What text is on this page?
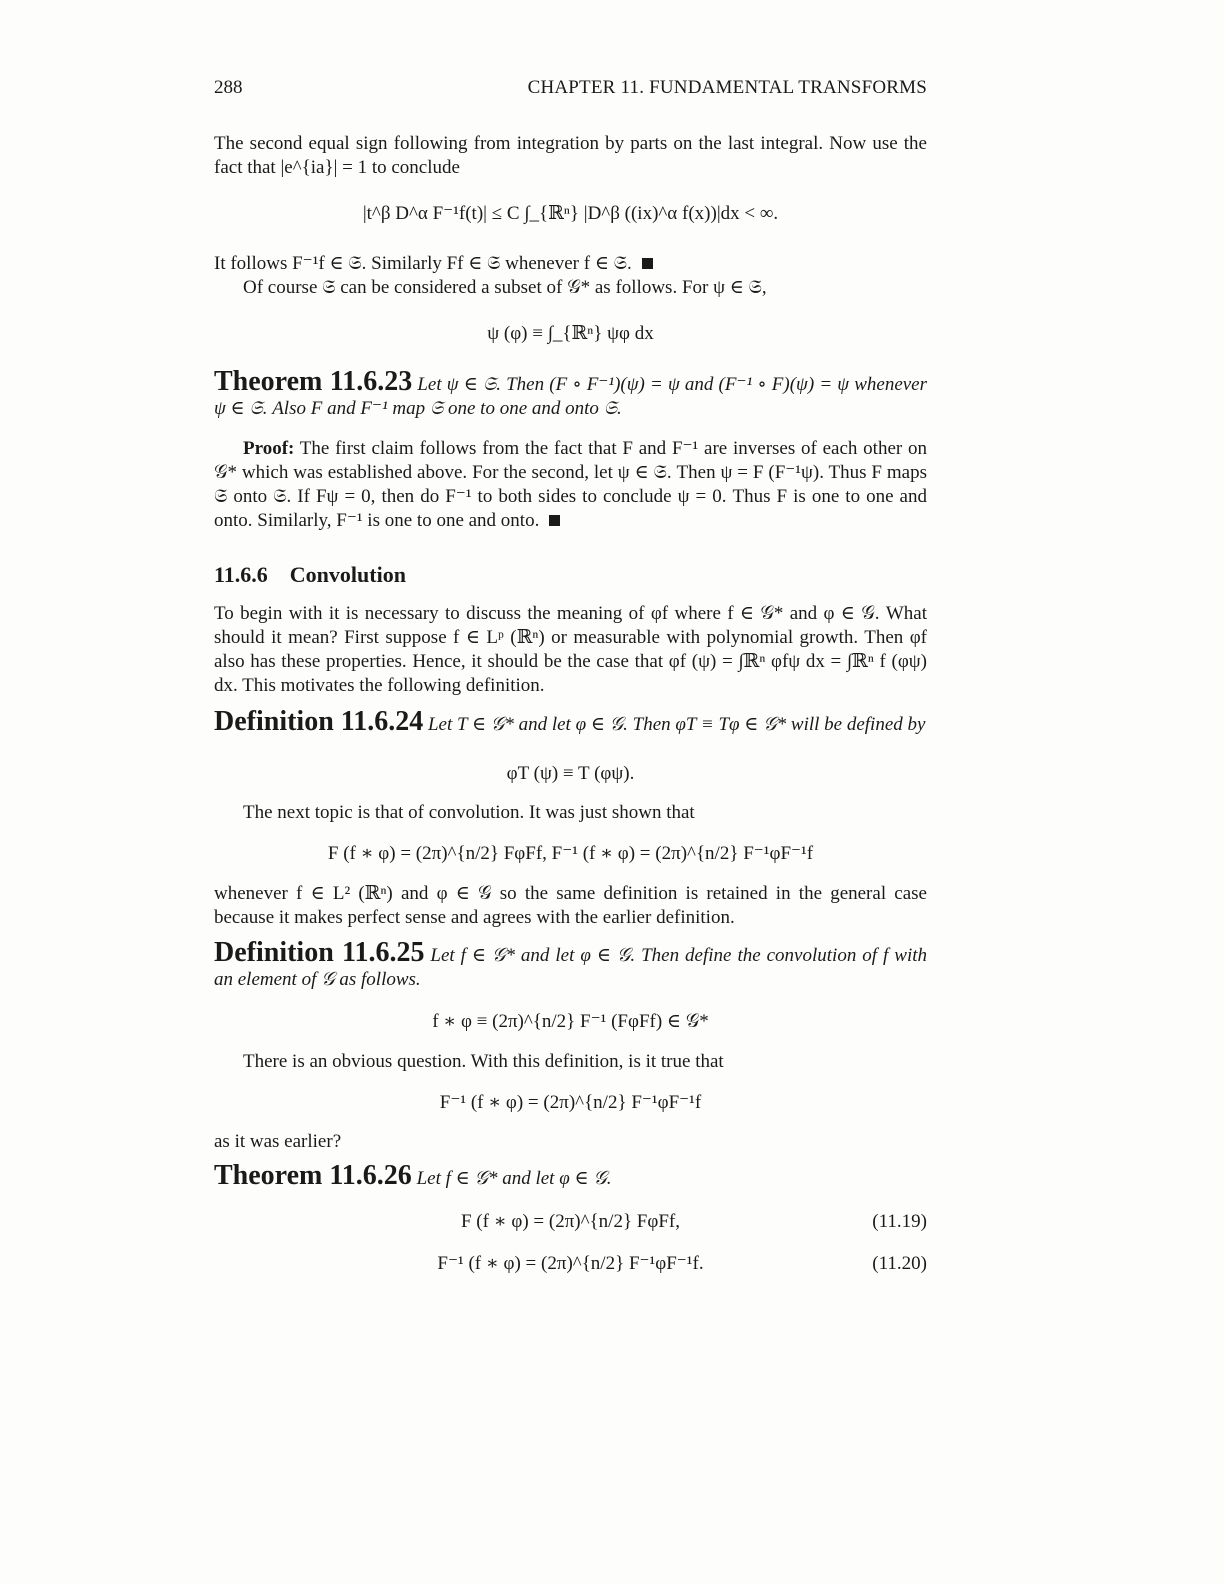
288	CHAPTER 11. FUNDAMENTAL TRANSFORMS

The second equal sign following from integration by parts on the last integral. Now use the fact that |e^{ia}| = 1 to conclude

|t^β D^α F⁻¹f(t)| ≤ C ∫_{ℝⁿ} |D^β ((ix)^α f(x))|dx < ∞.

It follows F⁻¹f ∈ 𝔖. Similarly Ff ∈ 𝔖 whenever f ∈ 𝔖.

Of course 𝔖 can be considered a subset of 𝒢* as follows. For ψ ∈ 𝔖,

ψ (φ) ≡ ∫_{ℝⁿ} ψφ dx

Theorem 11.6.23 Let ψ ∈ 𝔖. Then (F ∘ F⁻¹)(ψ) = ψ and (F⁻¹ ∘ F)(ψ) = ψ whenever ψ ∈ 𝔖. Also F and F⁻¹ map 𝔖 one to one and onto 𝔖.

Proof: The first claim follows from the fact that F and F⁻¹ are inverses of each other on 𝒢* which was established above. For the second, let ψ ∈ 𝔖. Then ψ = F (F⁻¹ψ). Thus F maps 𝔖 onto 𝔖. If Fψ = 0, then do F⁻¹ to both sides to conclude ψ = 0. Thus F is one to one and onto. Similarly, F⁻¹ is one to one and onto.

11.6.6 Convolution

To begin with it is necessary to discuss the meaning of φf where f ∈ 𝒢* and φ ∈ 𝒢. What should it mean? First suppose f ∈ Lᵖ (ℝⁿ) or measurable with polynomial growth. Then φf also has these properties. Hence, it should be the case that φf (ψ) = ∫ℝⁿ φfψ dx = ∫ℝⁿ f (φψ) dx. This motivates the following definition.

Definition 11.6.24 Let T ∈ 𝒢* and let φ ∈ 𝒢. Then φT ≡ Tφ ∈ 𝒢* will be defined by

φT (ψ) ≡ T (φψ).

The next topic is that of convolution. It was just shown that

F (f ∗ φ) = (2π)^{n/2} FφFf, F⁻¹ (f ∗ φ) = (2π)^{n/2} F⁻¹φF⁻¹f

whenever f ∈ L² (ℝⁿ) and φ ∈ 𝒢 so the same definition is retained in the general case because it makes perfect sense and agrees with the earlier definition.

Definition 11.6.25 Let f ∈ 𝒢* and let φ ∈ 𝒢. Then define the convolution of f with an element of 𝒢 as follows.

f ∗ φ ≡ (2π)^{n/2} F⁻¹ (FφFf) ∈ 𝒢*

There is an obvious question. With this definition, is it true that

F⁻¹ (f ∗ φ) = (2π)^{n/2} F⁻¹φF⁻¹f

as it was earlier?

Theorem 11.6.26 Let f ∈ 𝒢* and let φ ∈ 𝒢.

F (f ∗ φ) = (2π)^{n/2} FφFf,	(11.19)
F⁻¹ (f ∗ φ) = (2π)^{n/2} F⁻¹φF⁻¹f.	(11.20)
